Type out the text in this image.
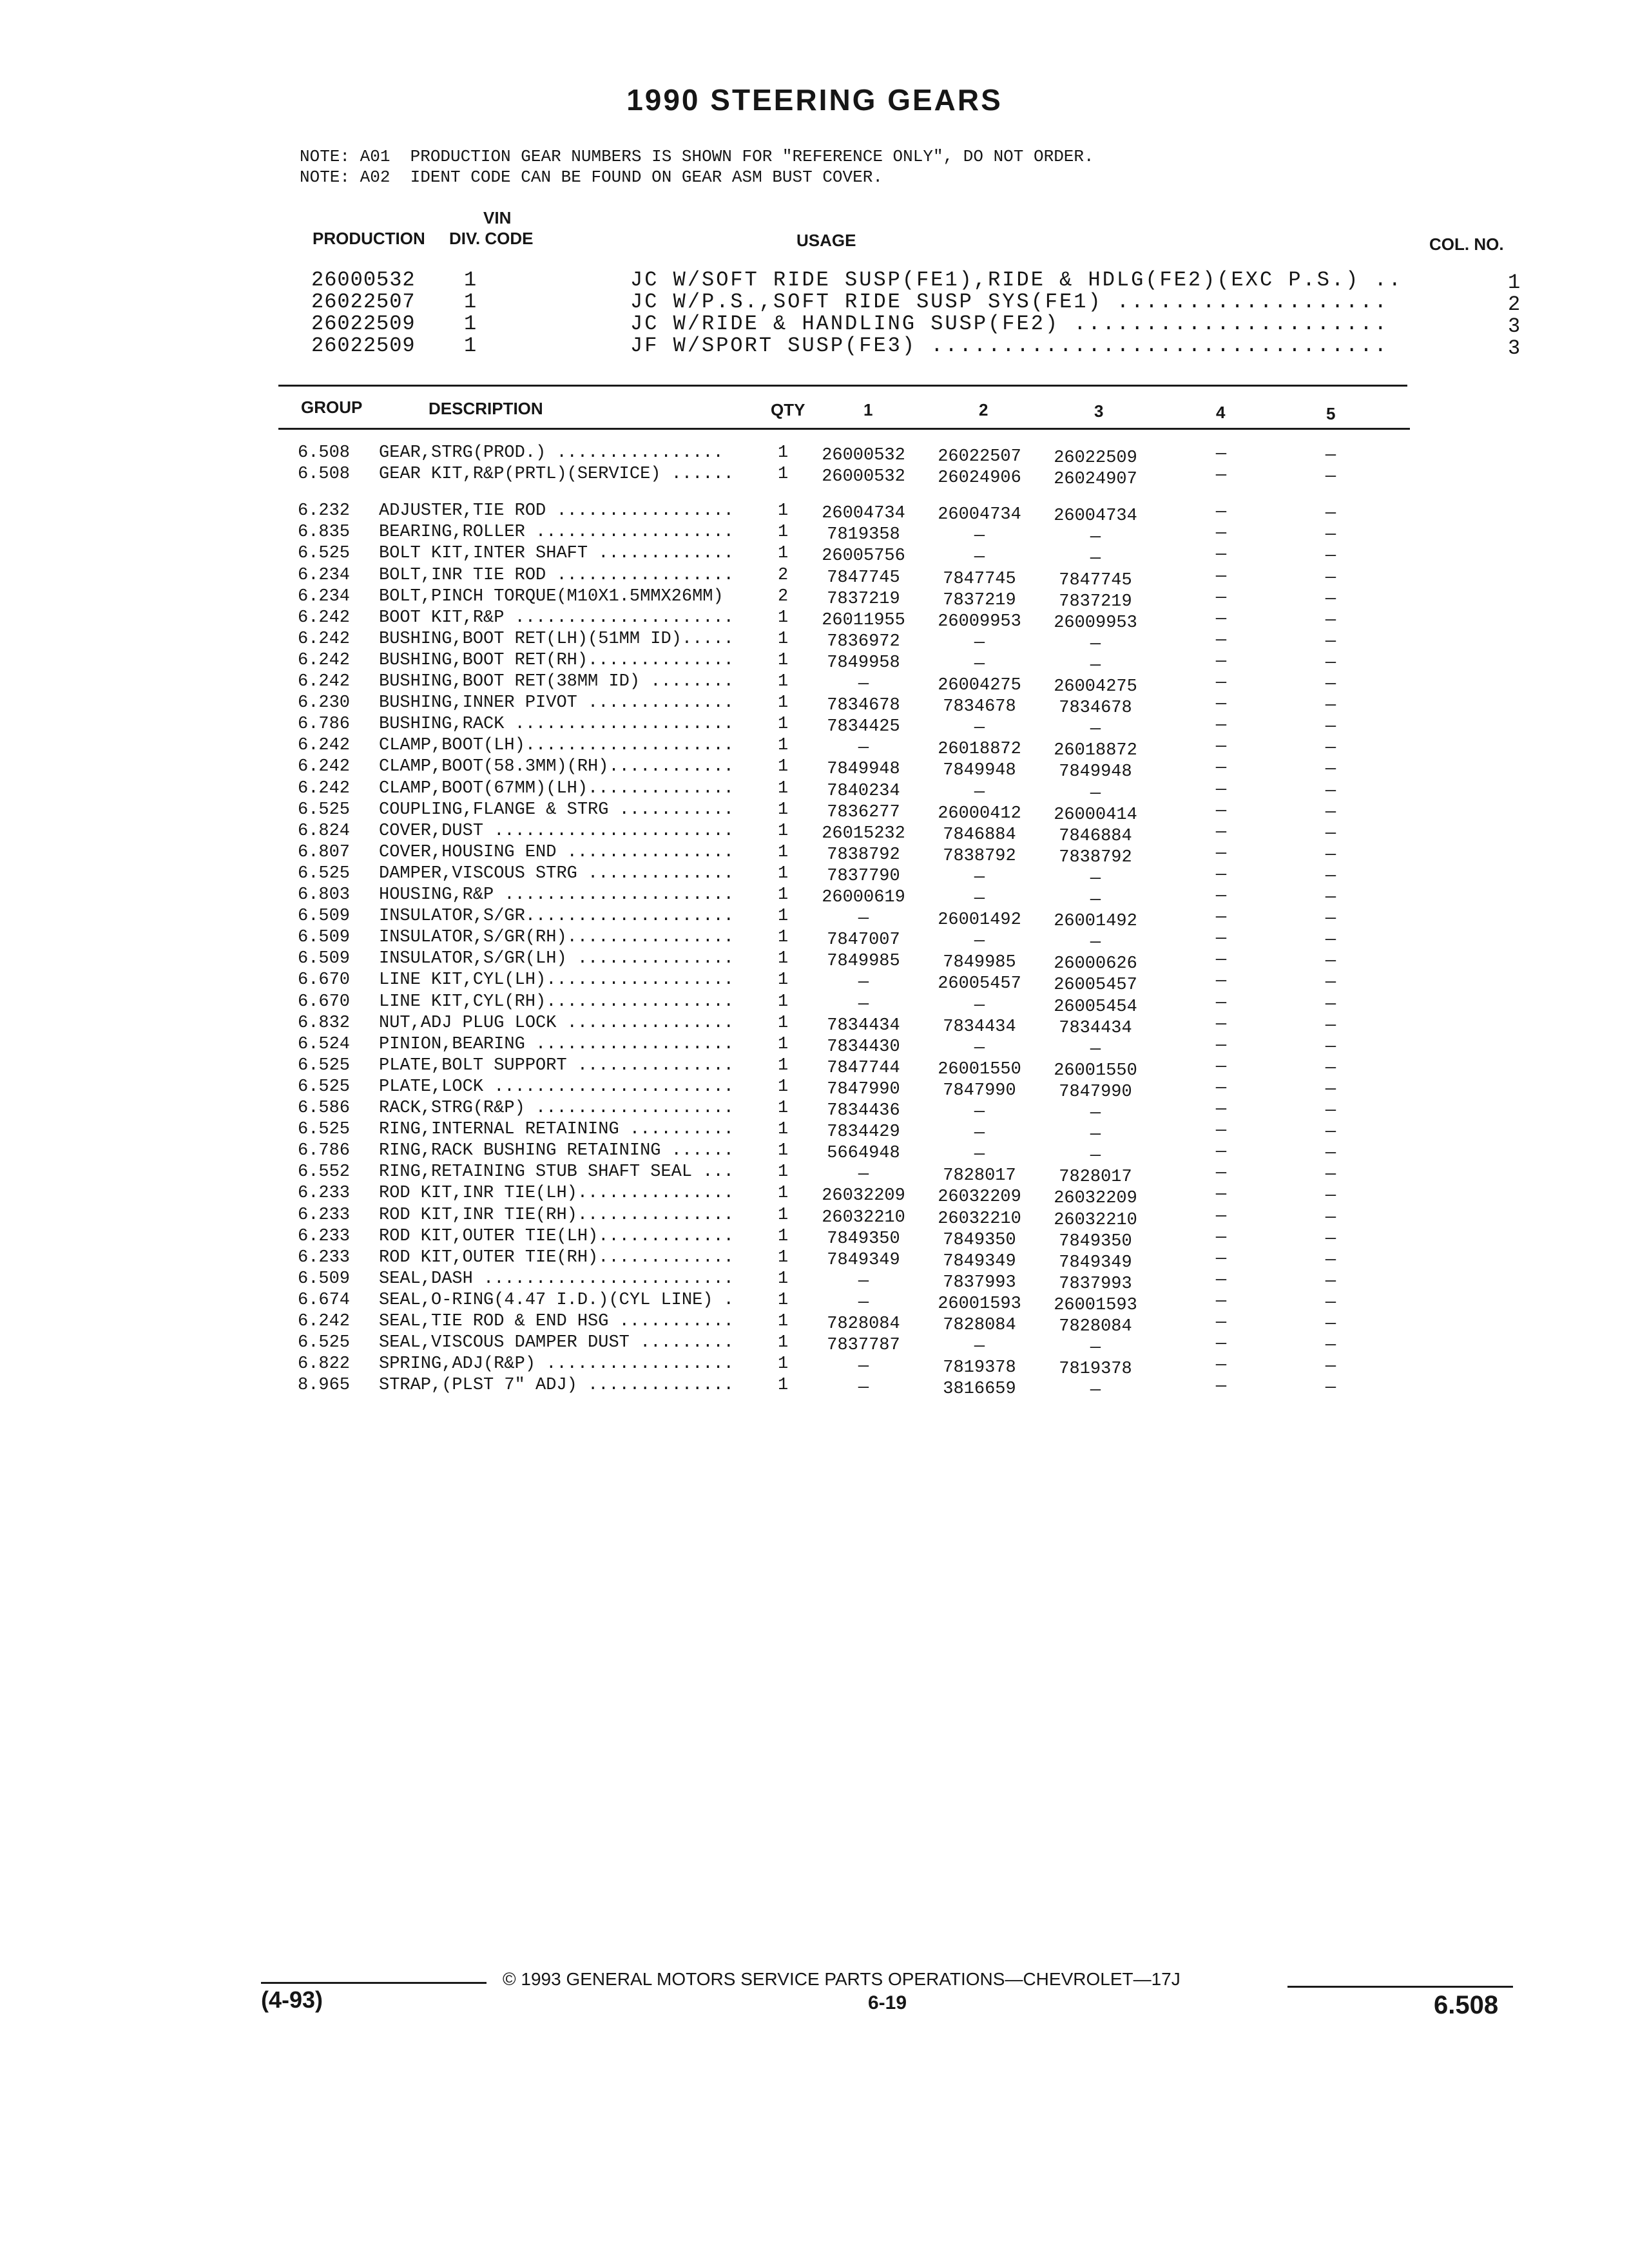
1990 STEERING GEARS
NOTE: A01  PRODUCTION GEAR NUMBERS IS SHOWN FOR "REFERENCE ONLY", DO NOT ORDER.
NOTE: A02  IDENT CODE CAN BE FOUND ON GEAR ASM BUST COVER.
VIN
PRODUCTION DIV. CODE	USAGE	COL. NO.
26000532 1	JC W/SOFT RIDE SUSP(FE1),RIDE & HDLG(FE2)(EXC P.S.) ..	1
26022507 1	JC W/P.S.,SOFT RIDE SUSP SYS(FE1) ...................	2
26022509 1	JC W/RIDE & HANDLING SUSP(FE2) ......................	3
26022509 1	JF W/SPORT SUSP(FE3) ................................	3
GROUP	DESCRIPTION	QTY	1	2	3	4	5
6.508 GEAR,STRG(PROD.) ................	1	26000532	26022507	26022509	—	—
6.508 GEAR KIT,R&P(PRTL)(SERVICE) ......	1	26000532	26024906	26024907	—	—
6.232 ADJUSTER,TIE ROD .................	1	26004734	26004734	26004734	—	—
6.835 BEARING,ROLLER ...................	1	7819358	—	—	—	—
6.525 BOLT KIT,INTER SHAFT .............	1	26005756	—	—	—	—
6.234 BOLT,INR TIE ROD .................	2	7847745	7847745	7847745	—	—
6.234 BOLT,PINCH TORQUE(M10X1.5MMX26MM)	2	7837219	7837219	7837219	—	—
6.242 BOOT KIT,R&P .....................	1	26011955	26009953	26009953	—	—
6.242 BUSHING,BOOT RET(LH)(51MM ID).....	1	7836972	—	—	—	—
6.242 BUSHING,BOOT RET(RH)..............	1	7849958	—	—	—	—
6.242 BUSHING,BOOT RET(38MM ID) ........	1	—	26004275	26004275	—	—
6.230 BUSHING,INNER PIVOT ..............	1	7834678	7834678	7834678	—	—
6.786 BUSHING,RACK .....................	1	7834425	—	—	—	—
6.242 CLAMP,BOOT(LH)....................	1	—	26018872	26018872	—	—
6.242 CLAMP,BOOT(58.3MM)(RH)............	1	7849948	7849948	7849948	—	—
6.242 CLAMP,BOOT(67MM)(LH)..............	1	7840234	—	—	—	—
6.525 COUPLING,FLANGE & STRG ...........	1	7836277	26000412	26000414	—	—
6.824 COVER,DUST .......................	1	26015232	7846884	7846884	—	—
6.807 COVER,HOUSING END ................	1	7838792	7838792	7838792	—	—
6.525 DAMPER,VISCOUS STRG ..............	1	7837790	—	—	—	—
6.803 HOUSING,R&P ......................	1	26000619	—	—	—	—
6.509 INSULATOR,S/GR....................	1	—	26001492	26001492	—	—
6.509 INSULATOR,S/GR(RH)................	1	7847007	—	—	—	—
6.509 INSULATOR,S/GR(LH) ...............	1	7849985	7849985	26000626	—	—
6.670 LINE KIT,CYL(LH)..................	1	—	26005457	26005457	—	—
6.670 LINE KIT,CYL(RH)..................	1	—	—	26005454	—	—
6.832 NUT,ADJ PLUG LOCK ................	1	7834434	7834434	7834434	—	—
6.524 PINION,BEARING ...................	1	7834430	—	—	—	—
6.525 PLATE,BOLT SUPPORT ...............	1	7847744	26001550	26001550	—	—
6.525 PLATE,LOCK .......................	1	7847990	7847990	7847990	—	—
6.586 RACK,STRG(R&P) ...................	1	7834436	—	—	—	—
6.525 RING,INTERNAL RETAINING ..........	1	7834429	—	—	—	—
6.786 RING,RACK BUSHING RETAINING ......	1	5664948	—	—	—	—
6.552 RING,RETAINING STUB SHAFT SEAL ...	1	—	7828017	7828017	—	—
6.233 ROD KIT,INR TIE(LH)...............	1	26032209	26032209	26032209	—	—
6.233 ROD KIT,INR TIE(RH)...............	1	26032210	26032210	26032210	—	—
6.233 ROD KIT,OUTER TIE(LH).............	1	7849350	7849350	7849350	—	—
6.233 ROD KIT,OUTER TIE(RH).............	1	7849349	7849349	7849349	—	—
6.509 SEAL,DASH ........................	1	—	7837993	7837993	—	—
6.674 SEAL,O-RING(4.47 I.D.)(CYL LINE) .	1	—	26001593	26001593	—	—
6.242 SEAL,TIE ROD & END HSG ...........	1	7828084	7828084	7828084	—	—
6.525 SEAL,VISCOUS DAMPER DUST .........	1	7837787	—	—	—	—
6.822 SPRING,ADJ(R&P) ..................	1	—	7819378	7819378	—	—
8.965 STRAP,(PLST 7" ADJ) ..............	1	—	3816659	—	—	—
© 1993 GENERAL MOTORS SERVICE PARTS OPERATIONS—CHEVROLET—17J
(4-93)	6-19	6.508
